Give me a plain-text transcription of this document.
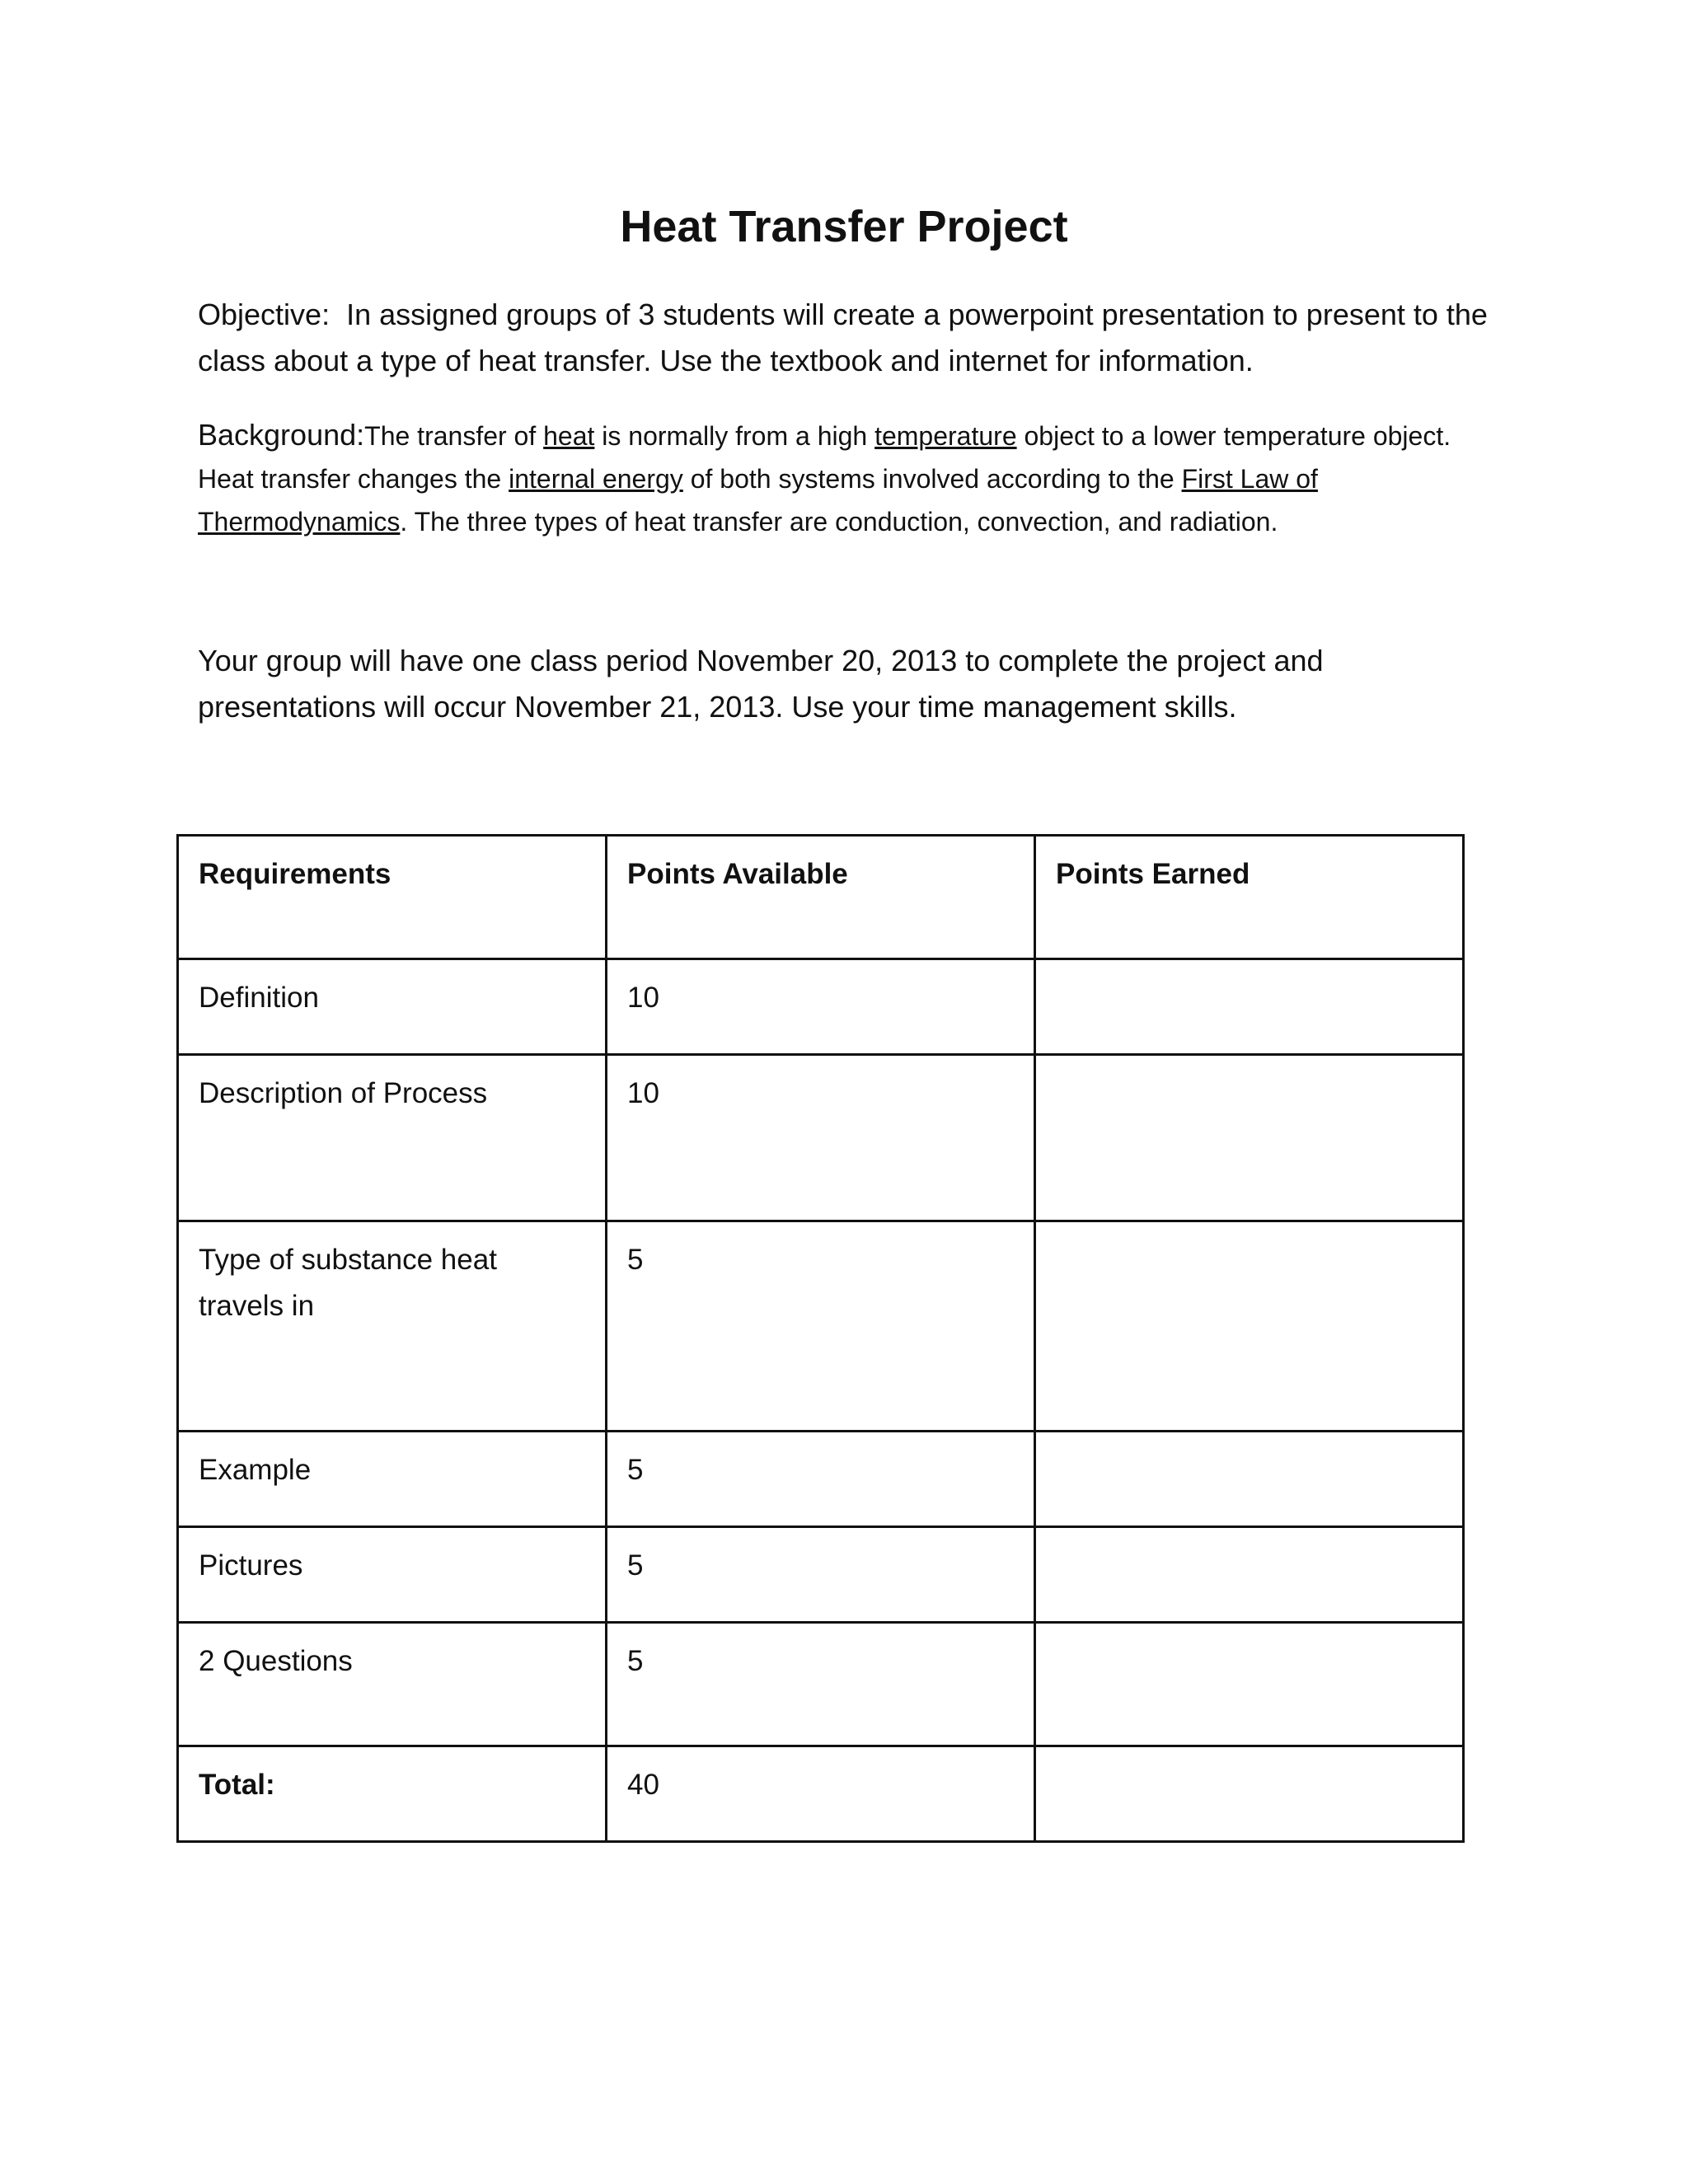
Heat Transfer Project
Objective: In assigned groups of 3 students will create a powerpoint presentation to present to the class about a type of heat transfer. Use the textbook and internet for information.
Background:The transfer of heat is normally from a high temperature object to a lower temperature object. Heat transfer changes the internal energy of both systems involved according to the First Law of Thermodynamics. The three types of heat transfer are conduction, convection, and radiation.
Your group will have one class period November 20, 2013 to complete the project and presentations will occur November 21, 2013. Use your time management skills.
Requirements	Points Available	Points Earned
Definition	10	
Description of Process	10	
Type of substance heat travels in	5	
Example	5	
Pictures	5	
2 Questions	5	
Total:	40	
